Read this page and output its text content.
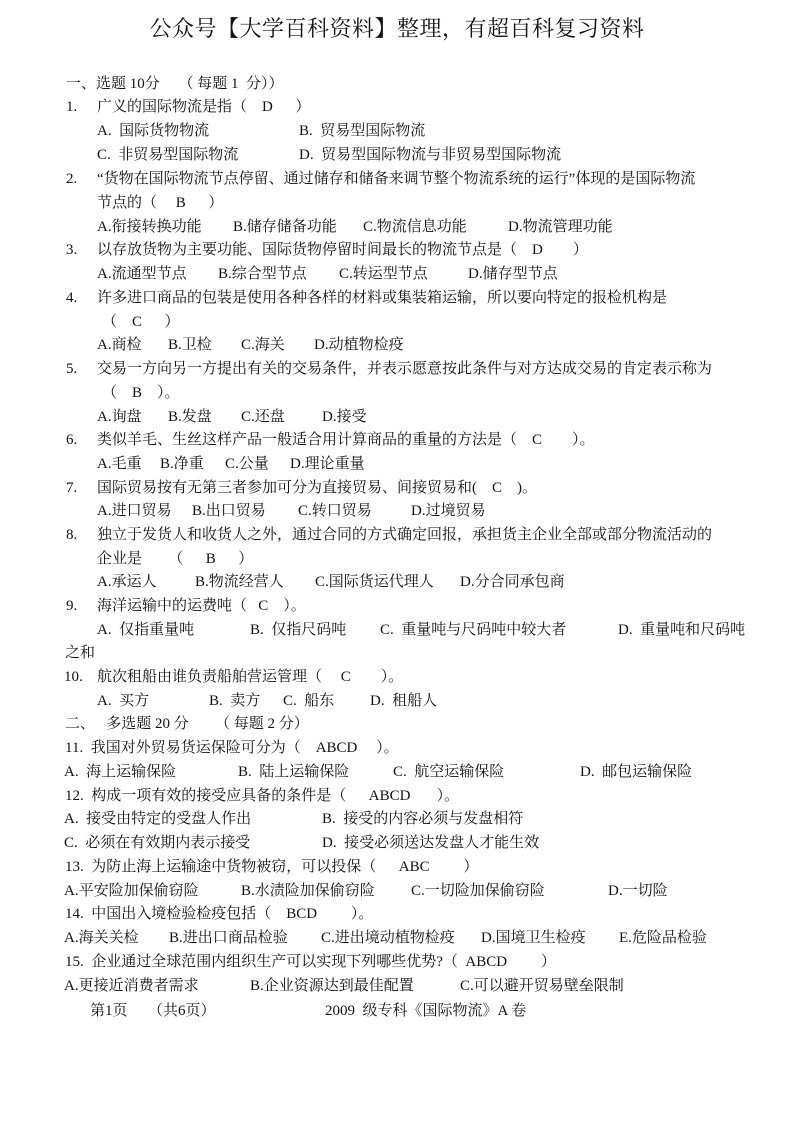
公众号【大学百科资料】整理，有超百科复习资料
一、选题 10分     （ 每题 1  分））
1. 广义的国际物流是指（    D      ）
A.  国际货物物流	B.  贸易型国际物流
C.  非贸易型国际物流	D.  贸易型国际物流与非贸易型国际物流
2. “货物在国际物流节点停留、通过储存和储备来调节整个物流系统的运行”体现的是国际物流
节点的（     B      ）
A.衔接转换功能 B.储存储备功能 C.物流信息功能	D.物流管理功能
3. 以存放货物为主要功能、国际货物停留时间最长的物流节点是（    D        ）
A.流通型节点 B.综合型节点 C.转运型节点	D.储存型节点
4. 许多进口商品的包装是使用各种各样的材料或集装箱运输，所以要向特定的报检机构是
（    C      ）
A.商检 B.卫检 C.海关 D.动植物检疫
5. 交易一方向另一方提出有关的交易条件，并表示愿意按此条件与对方达成交易的肯定表示称为
（    B    ）。
A.询盘 B.发盘 C.还盘 D.接受
6. 类似羊毛、生丝这样产品一般适合用计算商品的重量的方法是（    C        ）。
A.毛重 B.净重 C.公量 D.理论重量
7. 国际贸易按有无第三者参加可分为直接贸易、间接贸易和(    C    )。
A.进口贸易 B.出口贸易 C.转口贸易	D.过境贸易
8. 独立于发货人和收货人之外，通过合同的方式确定回报，承担货主企业全部或部分物流活动的
企业是       （      B      ）
A.承运人	B.物流经营人 C.国际货运代理人 D.分合同承包商
9. 海洋运输中的运费吨（   C    ）。
A.  仅指重量吨	B.  仅指尺码吨 C.  重量吨与尺码吨中较大者	D.  重量吨和尺码吨
之和
10. 航次租船由谁负责船舶营运管理（     C        ）。
A.  买方	B.  卖方 C.  船东 D.  租船人
二、   多选题 20 分       （ 每题 2 分）
11.  我国对外贸易货运保险可分为（    ABCD     ）。
A.  海上运输保险	B.  陆上运输保险	C.  航空运输保险	D.  邮包运输保险
12.  构成一项有效的接受应具备的条件是（      ABCD       ）。
A.  接受由特定的受盘人作出	B.  接受的内容必须与发盘相符
C.  必须在有效期内表示接受	D.  接受必须送达发盘人才能生效
13.  为防止海上运输途中货物被窃，可以投保（      ABC         ）
A.平安险加保偷窃险	B.水渍险加保偷窃险 C.一切险加保偷窃险	D.一切险
14.  中国出入境检验检疫包括（    BCD         ）。
A.海关关检 B.进出口商品检验 C.进出境动植物检疫 D.国境卫生检疫 E.危险品检验
15.  企业通过全球范围内组织生产可以实现下列哪些优势?（  ABCD         ）
A.更接近消费者需求	B.企业资源达到最佳配置	C.可以避开贸易壁垒限制
第1页 （共6页）	2009  级专科《国际物流》A 卷
